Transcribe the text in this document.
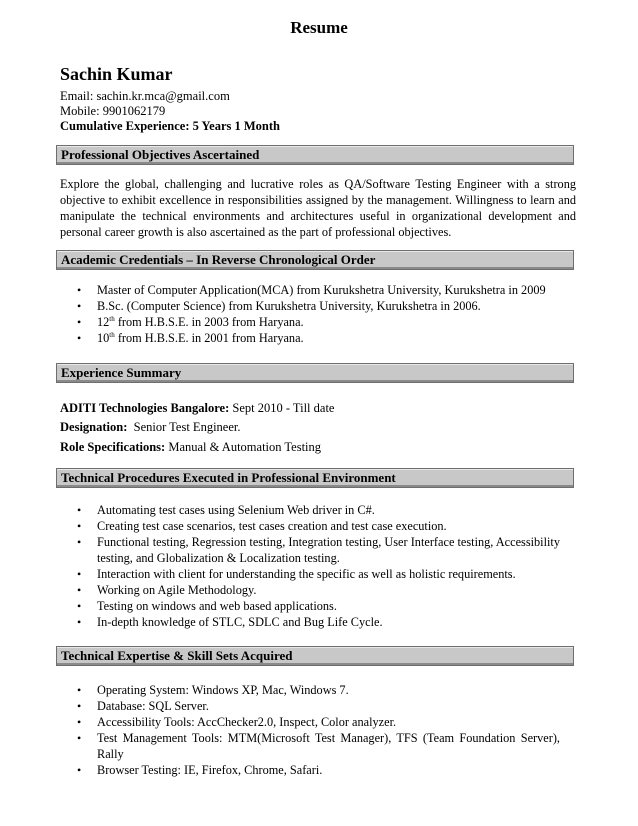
Resume
Sachin Kumar
Email: sachin.kr.mca@gmail.com
Mobile: 9901062179
Cumulative Experience: 5 Years 1 Month
Professional Objectives Ascertained
Explore the global, challenging and lucrative roles as QA/Software Testing Engineer with a strong objective to exhibit excellence in responsibilities assigned by the management. Willingness to learn and manipulate the technical environments and architectures useful in organizational development and personal career growth is also ascertained as the part of professional objectives.
Academic Credentials – In Reverse Chronological Order
• Master of Computer Application(MCA) from Kurukshetra University, Kurukshetra in 2009
• B.Sc. (Computer Science) from Kurukshetra University, Kurukshetra in 2006.
• 12th from H.B.S.E. in 2003 from Haryana.
• 10th from H.B.S.E. in 2001 from Haryana.
Experience Summary
ADITI Technologies Bangalore: Sept 2010 - Till date
Designation:  Senior Test Engineer.
Role Specifications: Manual & Automation Testing
Technical Procedures Executed in Professional Environment
• Automating test cases using Selenium Web driver in C#.
• Creating test case scenarios, test cases creation and test case execution.
• Functional testing, Regression testing, Integration testing, User Interface testing, Accessibility testing, and Globalization & Localization testing.
• Interaction with client for understanding the specific as well as holistic requirements.
• Working on Agile Methodology.
• Testing on windows and web based applications.
• In-depth knowledge of STLC, SDLC and Bug Life Cycle.
Technical Expertise & Skill Sets Acquired
• Operating System: Windows XP, Mac, Windows 7.
• Database: SQL Server.
• Accessibility Tools: AccChecker2.0, Inspect, Color analyzer.
• Test Management Tools: MTM(Microsoft Test Manager), TFS (Team Foundation Server), Rally
• Browser Testing: IE, Firefox, Chrome, Safari.
